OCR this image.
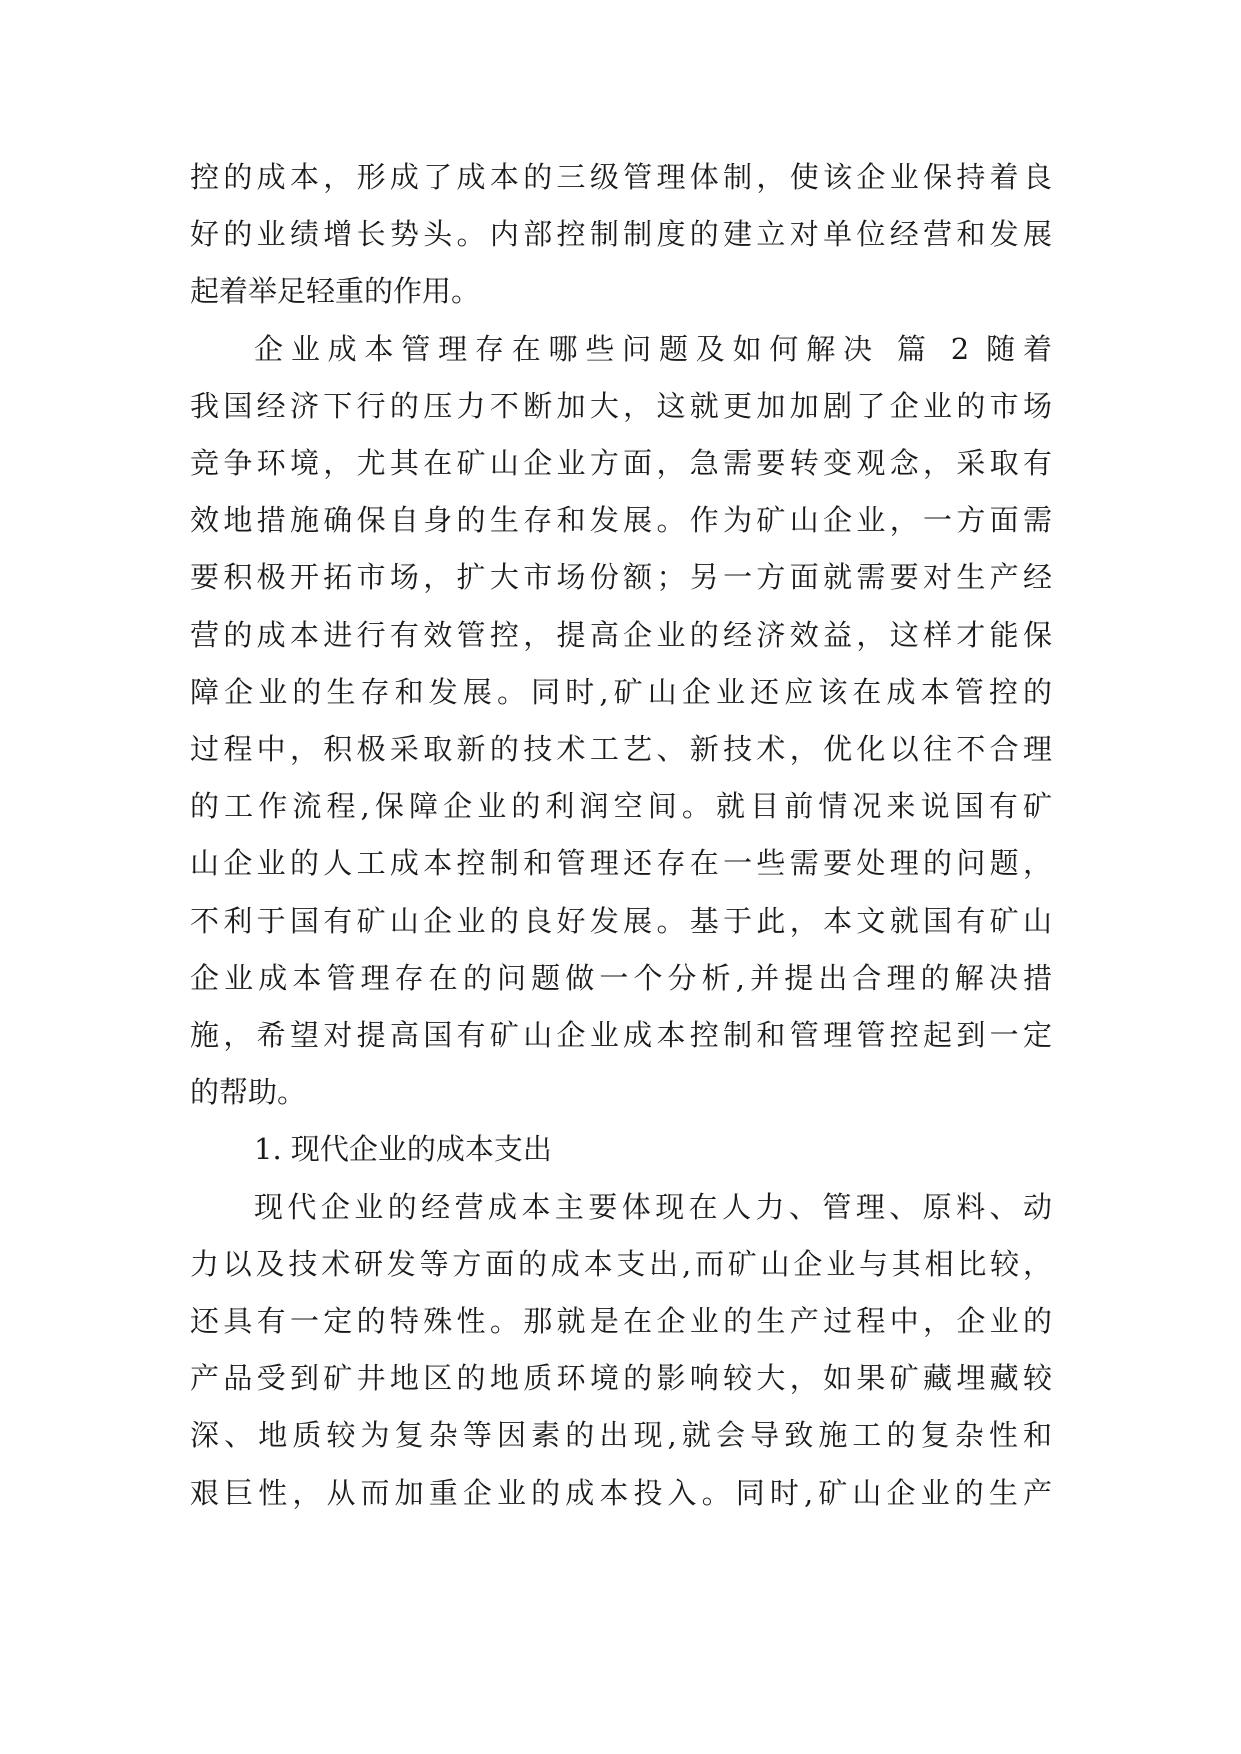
控的成本，形成了成本的三级管理体制，使该企业保持着良
好的业绩增长势头。内部控制制度的建立对单位经营和发展
起着举足轻重的作用。
企业成本管理存在哪些问题及如何解决 篇 2 随着
我国经济下行的压力不断加大，这就更加加剧了企业的市场
竞争环境，尤其在矿山企业方面，急需要转变观念，采取有
效地措施确保自身的生存和发展。作为矿山企业，一方面需
要积极开拓市场，扩大市场份额；另一方面就需要对生产经
营的成本进行有效管控，提高企业的经济效益，这样才能保
障企业的生存和发展。同时,矿山企业还应该在成本管控的
过程中，积极采取新的技术工艺、新技术，优化以往不合理
的工作流程,保障企业的利润空间。就目前情况来说国有矿
山企业的人工成本控制和管理还存在一些需要处理的问题，
不利于国有矿山企业的良好发展。基于此，本文就国有矿山
企业成本管理存在的问题做一个分析,并提出合理的解决措
施，希望对提高国有矿山企业成本控制和管理管控起到一定
的帮助。
1. 现代企业的成本支出
现代企业的经营成本主要体现在人力、管理、原料、动
力以及技术研发等方面的成本支出,而矿山企业与其相比较，
还具有一定的特殊性。那就是在企业的生产过程中，企业的
产品受到矿井地区的地质环境的影响较大，如果矿藏埋藏较
深、地质较为复杂等因素的出现,就会导致施工的复杂性和
艰巨性，从而加重企业的成本投入。同时,矿山企业的生产
